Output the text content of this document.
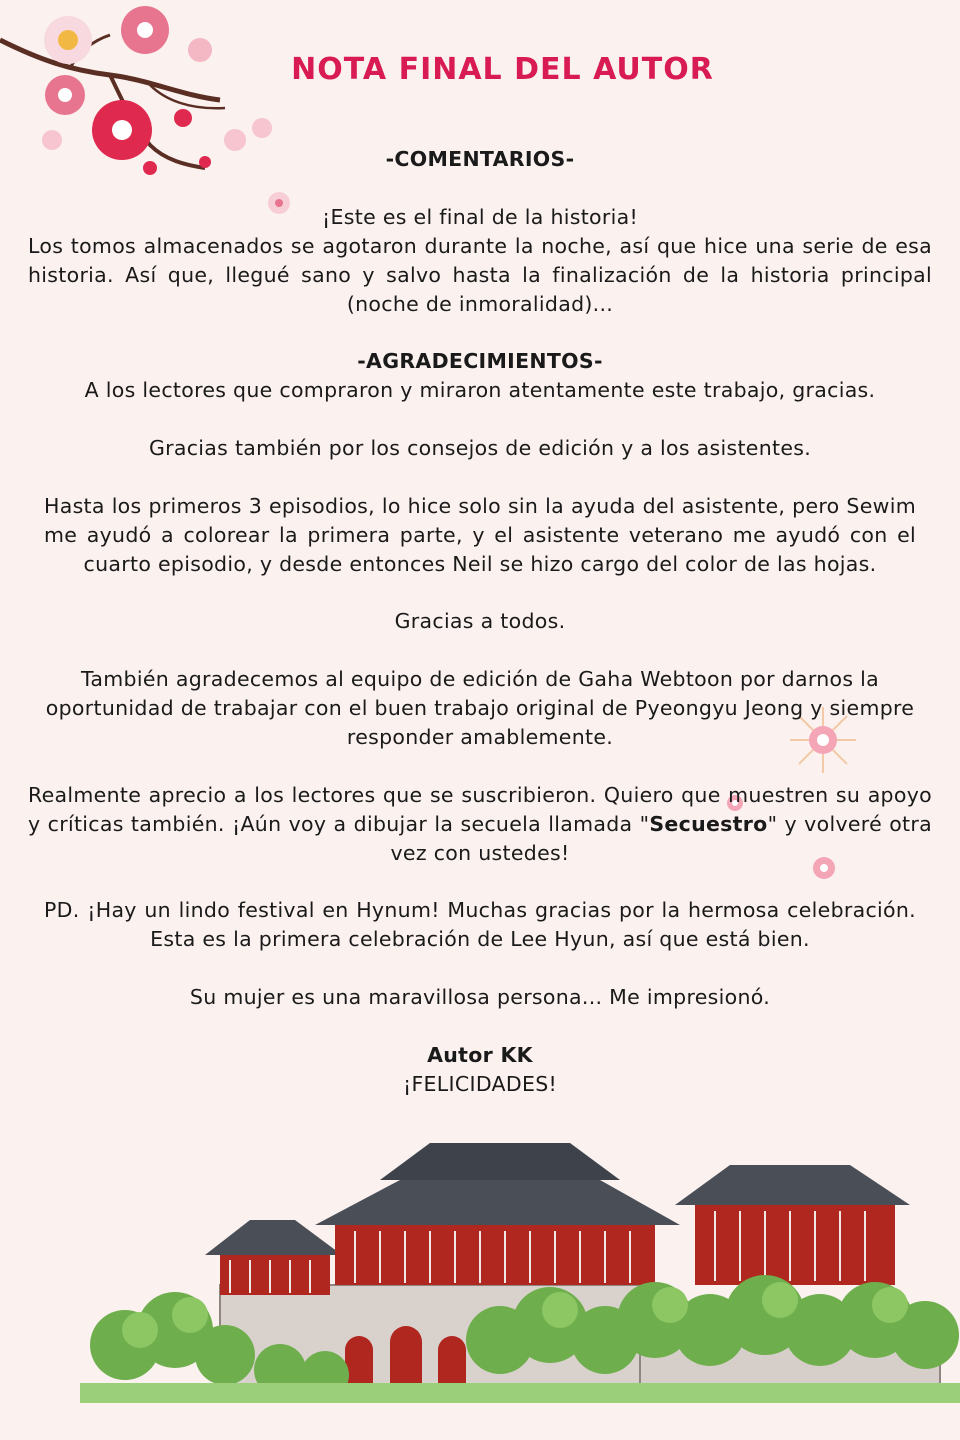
NOTA FINAL DEL AUTOR

-COMENTARIOS-

¡Este es el final de la historia!

Los tomos almacenados se agotaron durante la noche, así que hice una serie de esa historia. Así que, llegué sano y salvo hasta la finalización de la historia principal (noche de inmoralidad)...

-AGRADECIMIENTOS-

A los lectores que compraron y miraron atentamente este trabajo, gracias.

Gracias también por los consejos de edición y a los asistentes.

Hasta los primeros 3 episodios, lo hice solo sin la ayuda del asistente, pero Sewim me ayudó a colorear la primera parte, y el asistente veterano me ayudó con el cuarto episodio, y desde entonces Neil se hizo cargo del color de las hojas.

Gracias a todos.

También agradecemos al equipo de edición de Gaha Webtoon por darnos la oportunidad de trabajar con el buen trabajo original de Pyeongyu Jeong y siempre responder amablemente.

Realmente aprecio a los lectores que se suscribieron. Quiero que muestren su apoyo y críticas también. ¡Aún voy a dibujar la secuela llamada "Secuestro" y volveré otra vez con ustedes!

PD. ¡Hay un lindo festival en Hynum! Muchas gracias por la hermosa celebración. Esta es la primera celebración de Lee Hyun, así que está bien.

Su mujer es una maravillosa persona... Me impresionó.

Autor KK

¡FELICIDADES!
